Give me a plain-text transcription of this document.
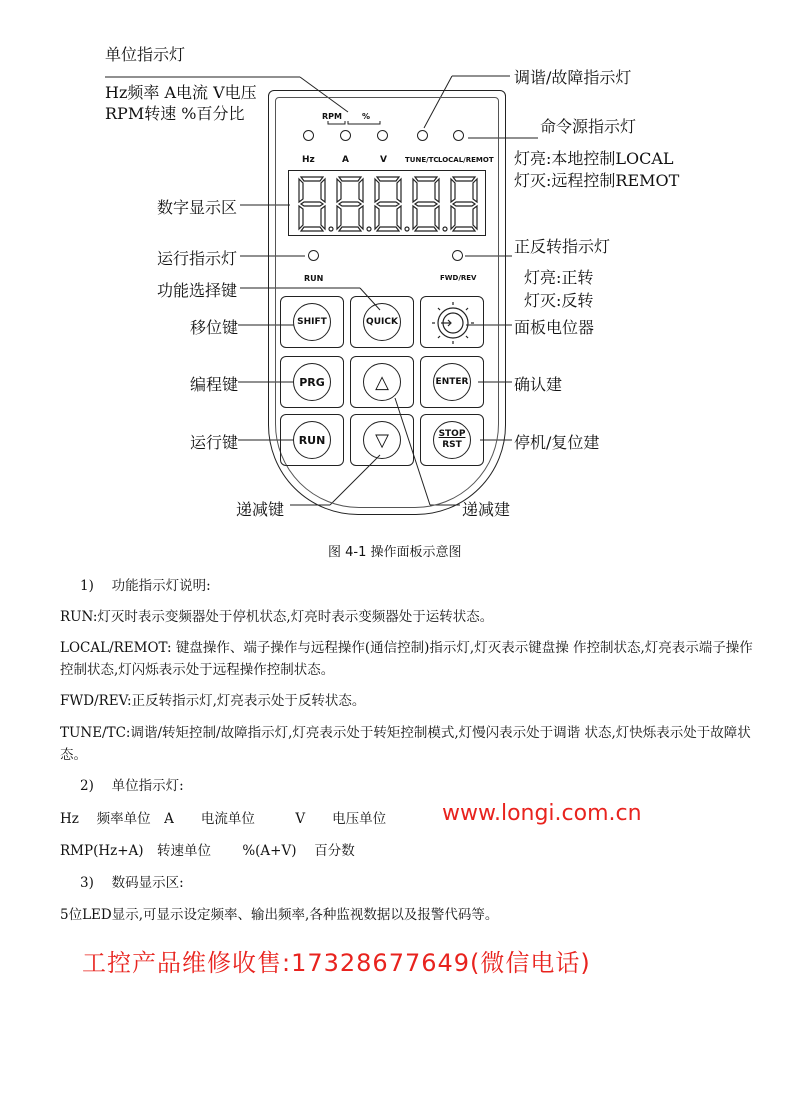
单位指示灯
Hz频率 A电流 V电压
RPM转速 %百分比
调谐/故障指示灯
命令源指示灯
灯亮:本地控制LOCAL
灯灭:远程控制REMOT
数字显示区
运行指示灯
正反转指示灯
灯亮:正转
灯灭:反转
功能选择键
移位键	面板电位器
编程键	确认建
运行键	停机/复位建
递减键	递减建
RPM	%
Hz	A	V	TUNE/TC LOCAL/REMOT
RUN	FWD/REV
SHIFT	QUICK
PRG	△	ENTER
RUN	▽	STOP
RST
图 4-1 操作面板示意图
1)　 功能指示灯说明:
RUN:灯灭时表示变频器处于停机状态,灯亮时表示变频器处于运转状态。
LOCAL/REMOT: 键盘操作、端子操作与远程操作(通信控制)指示灯,灯灭表示键盘操 作控制状态,灯亮表示端子操作控制状态,灯闪烁表示处于远程操作控制状态。
FWD/REV:正反转指示灯,灯亮表示处于反转状态。
TUNE/TC:调谐/转矩控制/故障指示灯,灯亮表示处于转矩控制模式,灯慢闪表示处于调谐 状态,灯快烁表示处于故障状态。
2)　 单位指示灯:
Hz　 频率单位　A　　电流单位　　　V　　电压单位	www.longi.com.cn
RMP(Hz+A)　转速单位　　 %(A+V)　 百分数
3)　 数码显示区:
5位LED显示,可显示设定频率、输出频率,各种监视数据以及报警代码等。
工控产品维修收售:17328677649(微信电话)
